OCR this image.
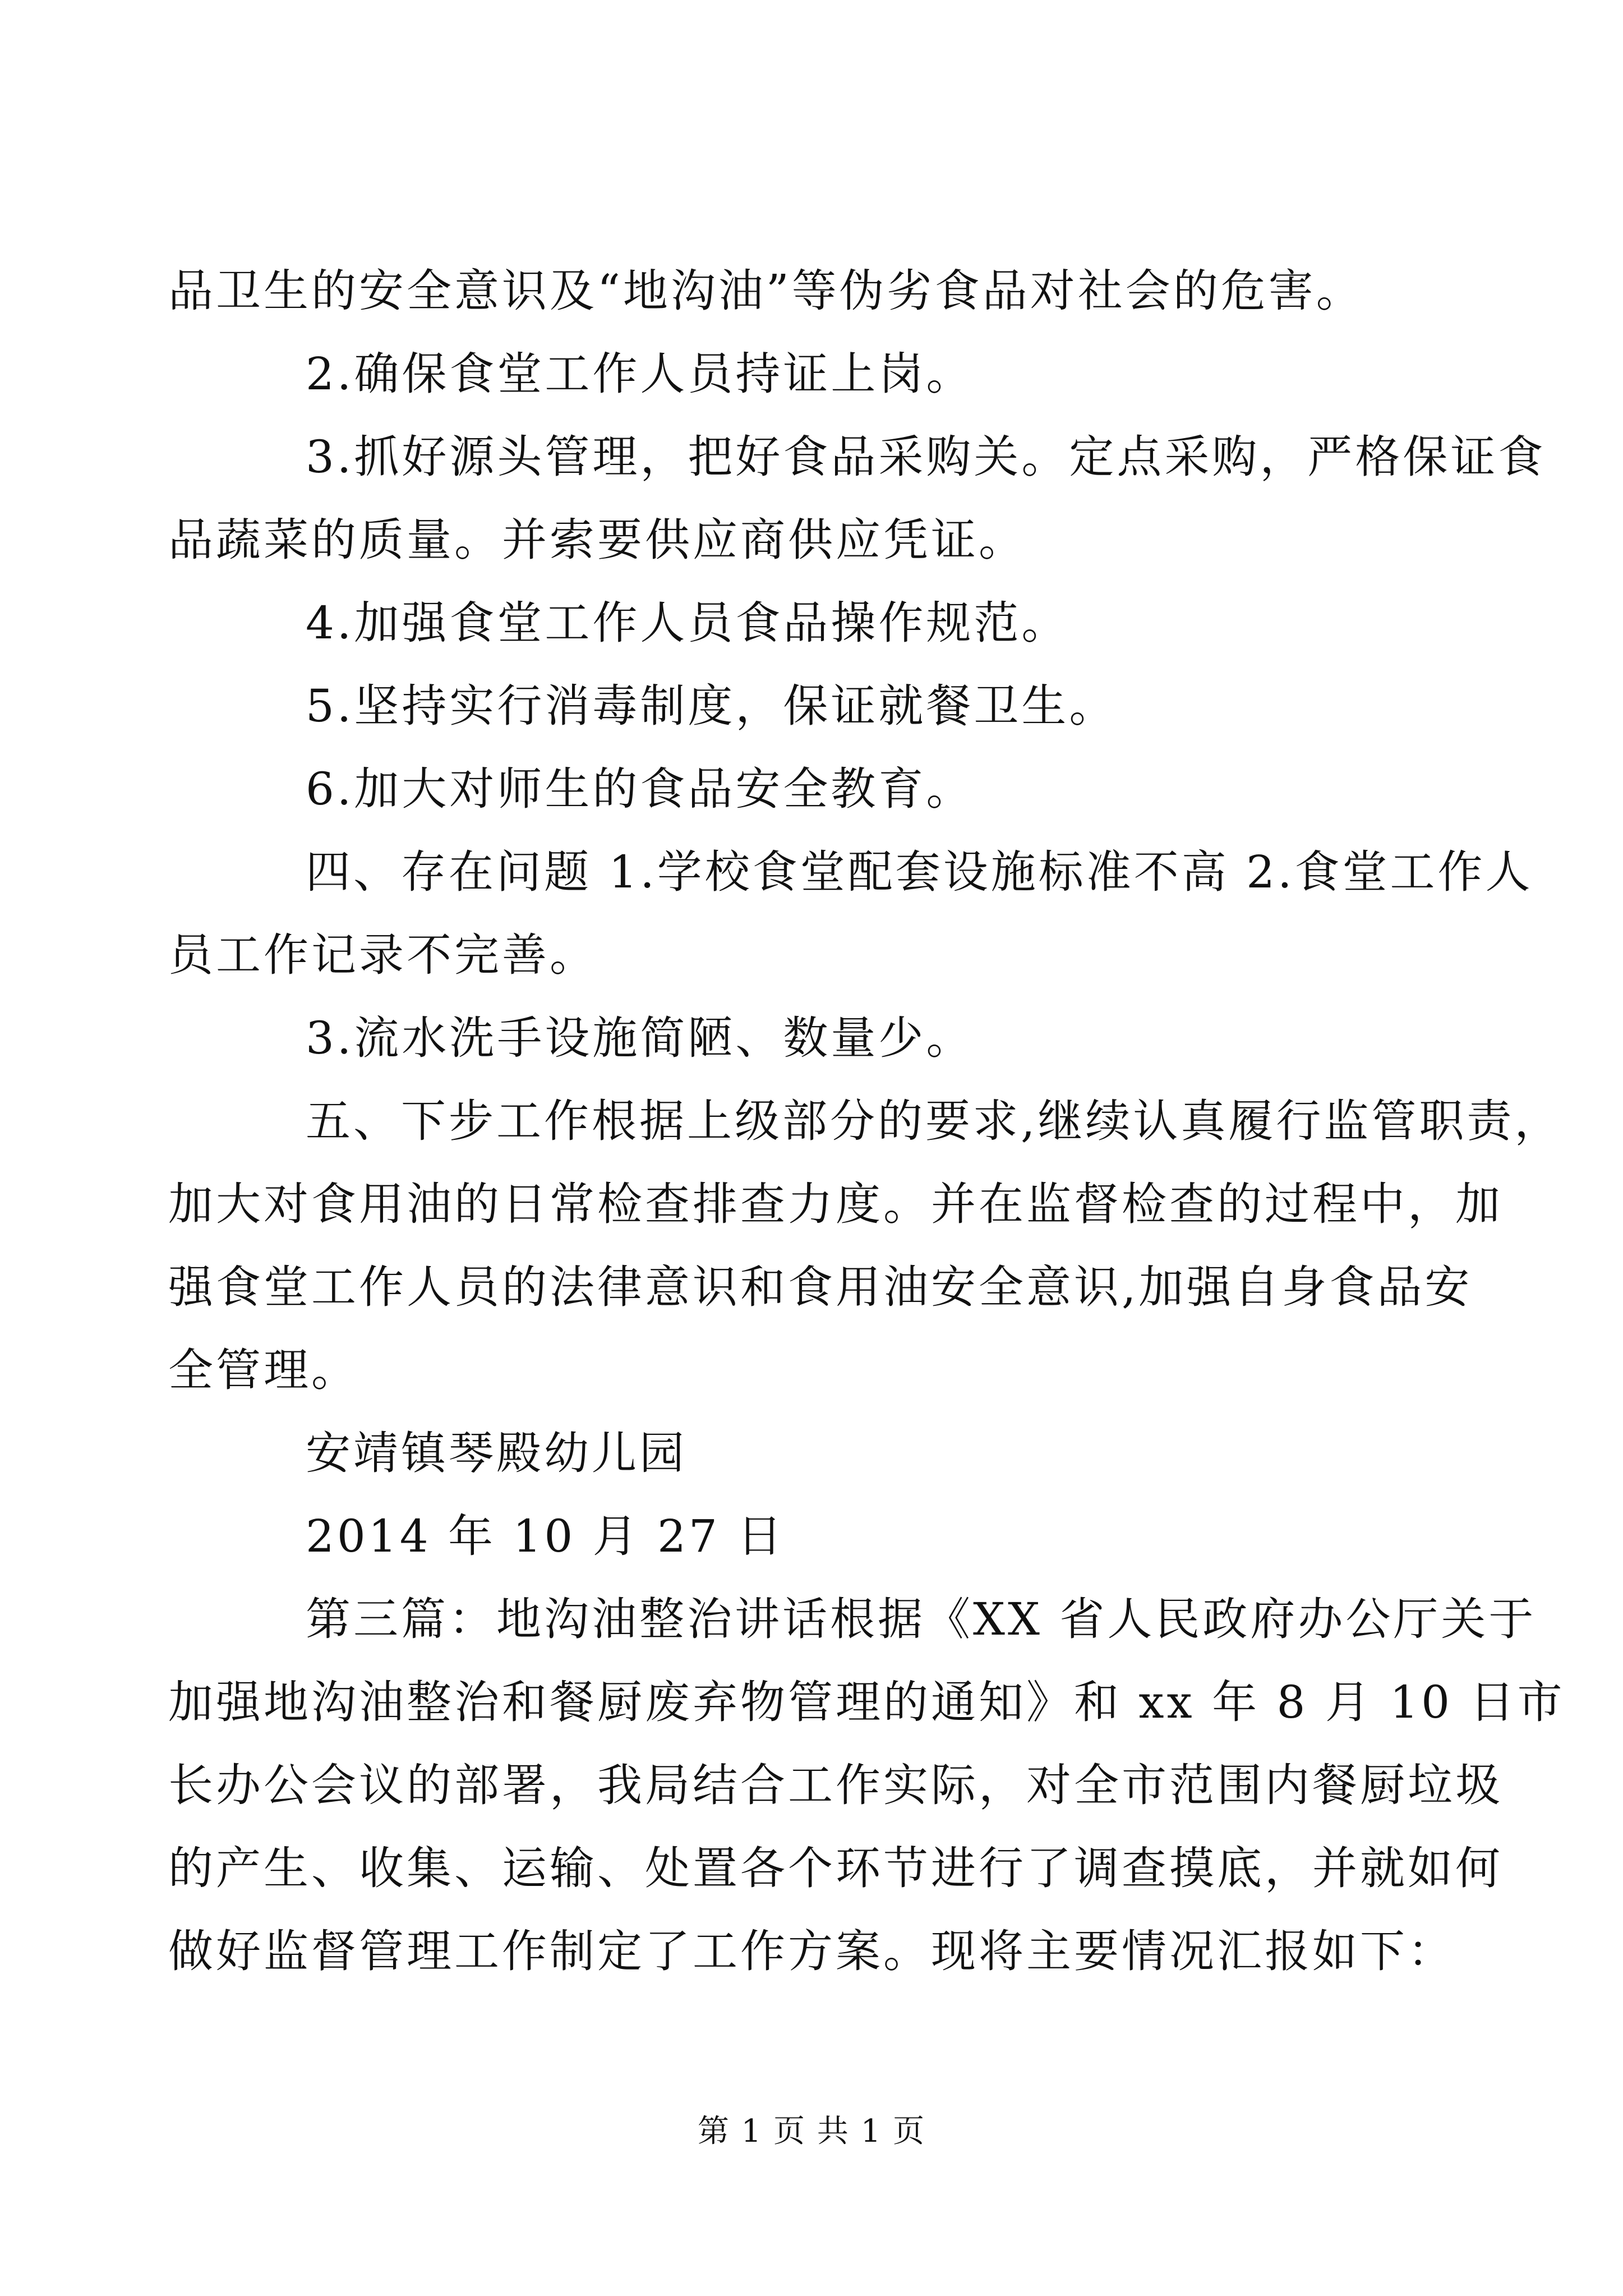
品卫生的安全意识及“地沟油”等伪劣食品对社会的危害。
2.确保食堂工作人员持证上岗。
3.抓好源头管理，把好食品采购关。定点采购，严格保证食
品蔬菜的质量。并索要供应商供应凭证。
4.加强食堂工作人员食品操作规范。
5.坚持实行消毒制度，保证就餐卫生。
6.加大对师生的食品安全教育。
四、存在问题 1.学校食堂配套设施标准不高 2.食堂工作人
员工作记录不完善。
3.流水洗手设施简陋、数量少。
五、下步工作根据上级部分的要求,继续认真履行监管职责，
加大对食用油的日常检查排查力度。并在监督检查的过程中，加
强食堂工作人员的法律意识和食用油安全意识,加强自身食品安
全管理。
安靖镇琴殿幼儿园
2014 年 10 月 27 日
第三篇：地沟油整治讲话根据《XX 省人民政府办公厅关于
加强地沟油整治和餐厨废弃物管理的通知》和 xx 年 8 月 10 日市
长办公会议的部署，我局结合工作实际，对全市范围内餐厨垃圾
的产生、收集、运输、处置各个环节进行了调查摸底，并就如何
做好监督管理工作制定了工作方案。现将主要情况汇报如下：
第 1 页 共 1 页
